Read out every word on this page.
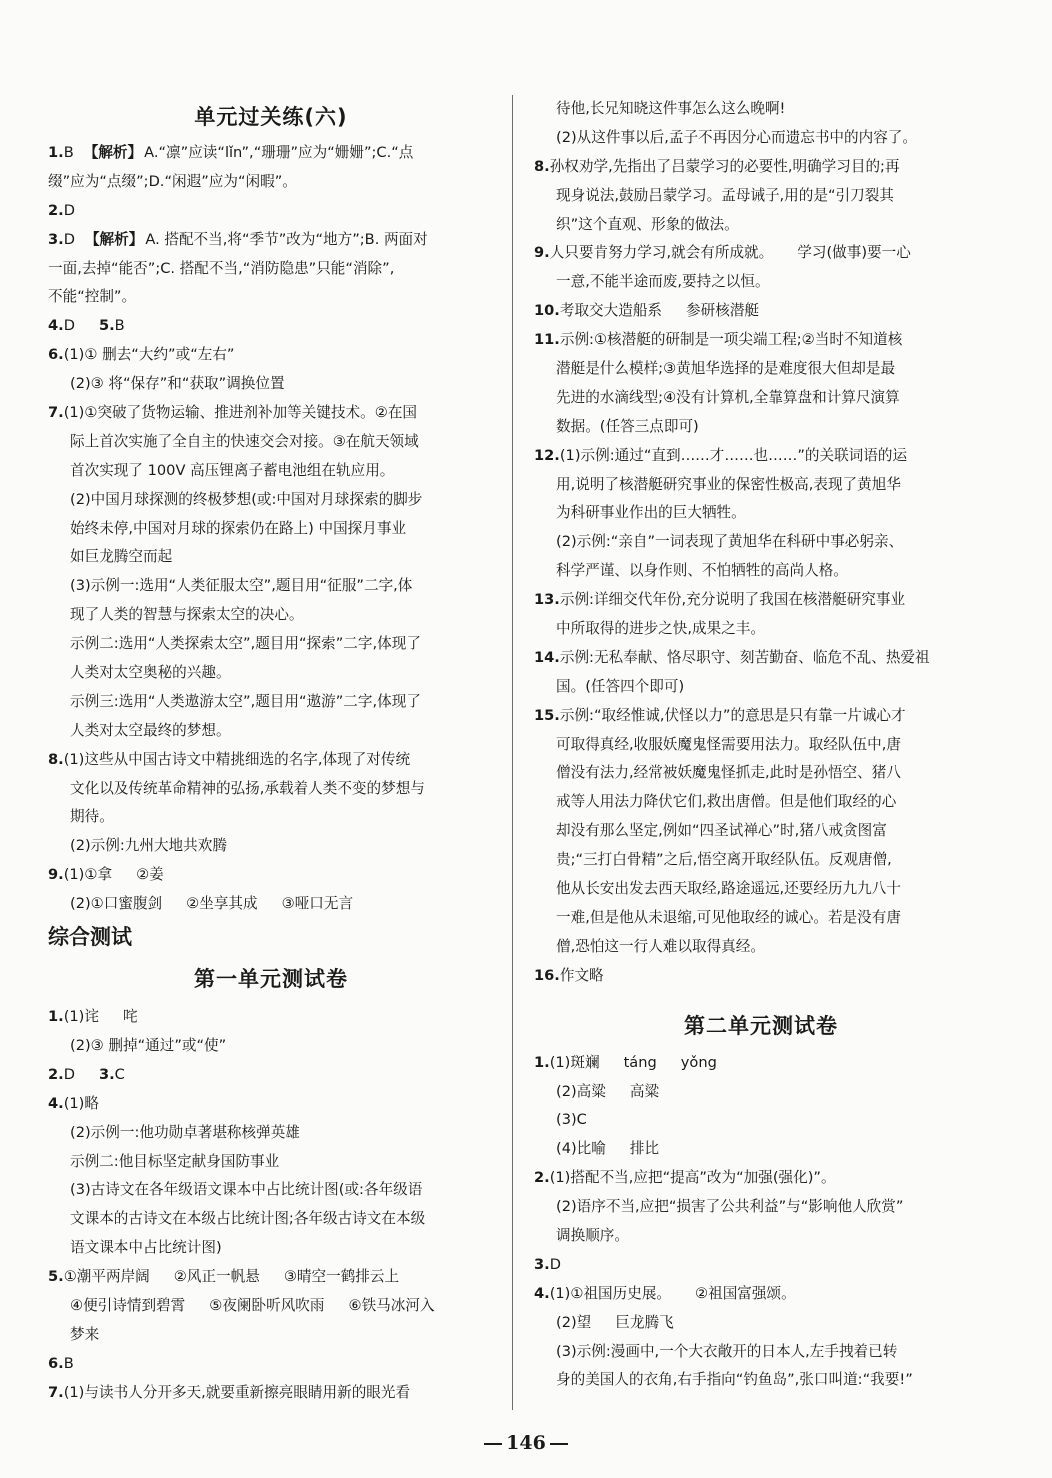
单元过关练(六)
1.B 【解析】 A.“凛”应读“lǐn”,“珊珊”应为“姗姗”;C.“点
缀”应为“点缀”;D.“闲遐”应为“闲暇”。
2.D
3.D 【解析】 A. 搭配不当,将“季节”改为“地方”;B. 两面对
一面,去掉“能否”;C. 搭配不当,“消防隐患”只能“消除”,
不能“控制”。
4.D 5.B
6.(1)① 删去“大约”或“左右”
(2)③ 将“保存”和“获取”调换位置
7.(1)①突破了货物运输、推进剂补加等关键技术。②在国
际上首次实施了全自主的快速交会对接。③在航天领域
首次实现了 100V 高压锂离子蓄电池组在轨应用。
(2)中国月球探测的终极梦想(或:中国对月球探索的脚步
始终未停,中国对月球的探索仍在路上) 中国探月事业
如巨龙腾空而起
(3)示例一:选用“人类征服太空”,题目用“征服”二字,体
现了人类的智慧与探索太空的决心。
示例二:选用“人类探索太空”,题目用“探索”二字,体现了
人类对太空奥秘的兴趣。
示例三:选用“人类遨游太空”,题目用“遨游”二字,体现了
人类对太空最终的梦想。
8.(1)这些从中国古诗文中精挑细选的名字,体现了对传统
文化以及传统革命精神的弘扬,承载着人类不变的梦想与
期待。
(2)示例:九州大地共欢腾
9.(1)①拿 ②姜
(2)①口蜜腹剑 ②坐享其成 ③哑口无言
综合测试
第一单元测试卷
1.(1)诧 咤
(2)③ 删掉“通过”或“使”
2.D 3.C
4.(1)略
(2)示例一:他功勋卓著堪称核弹英雄
示例二:他目标坚定献身国防事业
(3)古诗文在各年级语文课本中占比统计图(或:各年级语
文课本的古诗文在本级占比统计图;各年级古诗文在本级
语文课本中占比统计图)
5.①潮平两岸阔 ②风正一帆悬 ③晴空一鹤排云上
④便引诗情到碧霄 ⑤夜阑卧听风吹雨 ⑥铁马冰河入
梦来
6.B
7.(1)与读书人分开多天,就要重新擦亮眼睛用新的眼光看
待他,长兄知晓这件事怎么这么晚啊!
(2)从这件事以后,孟子不再因分心而遗忘书中的内容了。
8.孙权劝学,先指出了吕蒙学习的必要性,明确学习目的;再
现身说法,鼓励吕蒙学习。孟母诫子,用的是“引刀裂其
织”这个直观、形象的做法。
9.人只要肯努力学习,就会有所成就。 学习(做事)要一心
一意,不能半途而废,要持之以恒。
10.考取交大造船系 参研核潜艇
11.示例:①核潜艇的研制是一项尖端工程;②当时不知道核
潜艇是什么模样;③黄旭华选择的是难度很大但却是最
先进的水滴线型;④没有计算机,全靠算盘和计算尺演算
数据。(任答三点即可)
12.(1)示例:通过“直到……才……也……”的关联词语的运
用,说明了核潜艇研究事业的保密性极高,表现了黄旭华
为科研事业作出的巨大牺牲。
(2)示例:“亲自”一词表现了黄旭华在科研中事必躬亲、
科学严谨、以身作则、不怕牺牲的高尚人格。
13.示例:详细交代年份,充分说明了我国在核潜艇研究事业
中所取得的进步之快,成果之丰。
14.示例:无私奉献、恪尽职守、刻苦勤奋、临危不乱、热爱祖
国。(任答四个即可)
15.示例:“取经惟诚,伏怪以力”的意思是只有靠一片诚心才
可取得真经,收服妖魔鬼怪需要用法力。取经队伍中,唐
僧没有法力,经常被妖魔鬼怪抓走,此时是孙悟空、猪八
戒等人用法力降伏它们,救出唐僧。但是他们取经的心
却没有那么坚定,例如“四圣试禅心”时,猪八戒贪图富
贵;“三打白骨精”之后,悟空离开取经队伍。反观唐僧,
他从长安出发去西天取经,路途遥远,还要经历九九八十
一难,但是他从未退缩,可见他取经的诚心。若是没有唐
僧,恐怕这一行人难以取得真经。
16.作文略
第二单元测试卷
1.(1)斑斓 táng yǒng
(2)高粱 高粱
(3)C
(4)比喻 排比
2.(1)搭配不当,应把“提高”改为“加强(强化)”。
(2)语序不当,应把“损害了公共利益”与“影响他人欣赏”
调换顺序。
3.D
4.(1)①祖国历史展。 ②祖国富强颂。
(2)望 巨龙腾飞
(3)示例:漫画中,一个大衣敞开的日本人,左手拽着已转
身的美国人的衣角,右手指向“钓鱼岛”,张口叫道:“我要!”
146
